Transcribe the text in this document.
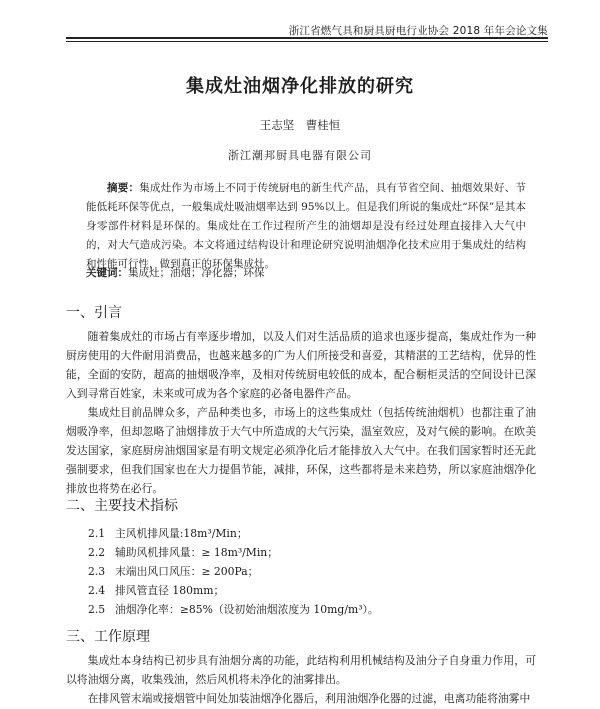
浙江省燃气具和厨具厨电行业协会 2018 年年会论文集
集成灶油烟净化排放的研究
王志坚　曹桂恒
浙江潮邦厨具电器有限公司
摘要：集成灶作为市场上不同于传统厨电的新生代产品，具有节省空间、抽烟效果好、节能低耗环保等优点，一般集成灶吸油烟率达到 95%以上。但是我们所说的集成灶“环保”是其本身零部件材料是环保的。集成灶在工作过程所产生的油烟却是没有经过处理直接排入大气中的，对大气造成污染。本文将通过结构设计和理论研究说明油烟净化技术应用于集成灶的结构和性能可行性，做到真正的环保集成灶。
关键词：集成灶；油烟；净化器；环保
一、引言
随着集成灶的市场占有率逐步增加，以及人们对生活品质的追求也逐步提高，集成灶作为一种厨房使用的大件耐用消费品，也越来越多的广为人们所接受和喜爱，其精湛的工艺结构，优异的性能，全面的安防，超高的抽烟吸净率，及相对传统厨电较低的成本，配合橱柜灵活的空间设计已深入到寻常百姓家，未来或可成为各个家庭的必备电器件产品。
集成灶目前品牌众多，产品种类也多，市场上的这些集成灶（包括传统油烟机）也都注重了油烟吸净率，但却忽略了油烟排放于大气中所造成的大气污染，温室效应，及对气候的影响。在欧美发达国家，家庭厨房油烟国家是有明文规定必须净化后才能排放入大气中。在我们国家暂时还无此强制要求，但我们国家也在大力提倡节能，减排，环保，这些都将是未来趋势，所以家庭油烟净化排放也将势在必行。
二、主要技术指标
2.1 主风机排风量:18m³/Min；
2.2 辅助风机排风量：≥ 18m³/Min；
2.3 末端出风口风压：≥ 200Pa；
2.4 排风管直径 180mm；
2.5 油烟净化率：≥85%（设初始油烟浓度为 10mg/m³）。
三、工作原理
集成灶本身结构已初步具有油烟分离的功能，此结构利用机械结构及油分子自身重力作用，可以将油烟分离，收集残油，然后风机将未净化的油雾排出。
在排风管末端或接烟管中间处加装油烟净化器后，利用油烟净化器的过滤，电离功能将油雾中
